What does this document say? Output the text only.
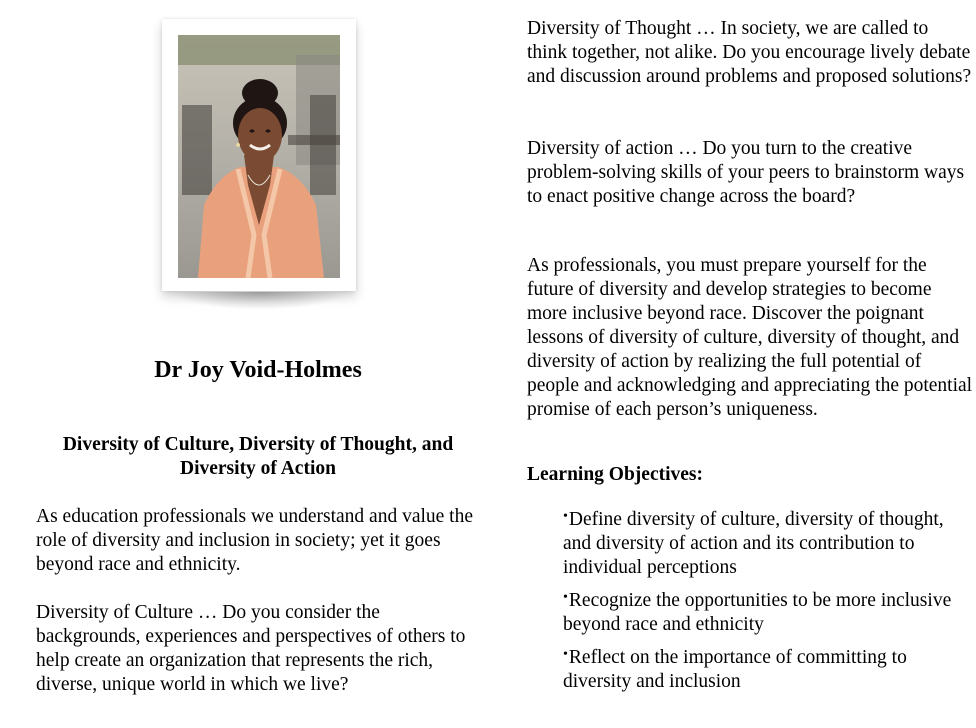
Dr Joy Void-Holmes
Diversity of Culture, Diversity of Thought, and Diversity of Action

As education professionals we understand and value the role of diversity and inclusion in society; yet it goes beyond race and ethnicity.

Diversity of Culture … Do you consider the backgrounds, experiences and perspectives of others to help create an organization that represents the rich, diverse, unique world in which we live?

Diversity of Thought … In society, we are called to think together, not alike. Do you encourage lively debate and discussion around problems and proposed solutions?

Diversity of action … Do you turn to the creative problem-solving skills of your peers to brainstorm ways to enact positive change across the board?

As professionals, you must prepare yourself for the future of diversity and develop strategies to become more inclusive beyond race. Discover the poignant lessons of diversity of culture, diversity of thought, and diversity of action by realizing the full potential of people and acknowledging and appreciating the potential promise of each person’s uniqueness.

Learning Objectives:
•Define diversity of culture, diversity of thought, and diversity of action and its contribution to individual perceptions
•Recognize the opportunities to be more inclusive beyond race and ethnicity
•Reflect on the importance of committing to diversity and inclusion
